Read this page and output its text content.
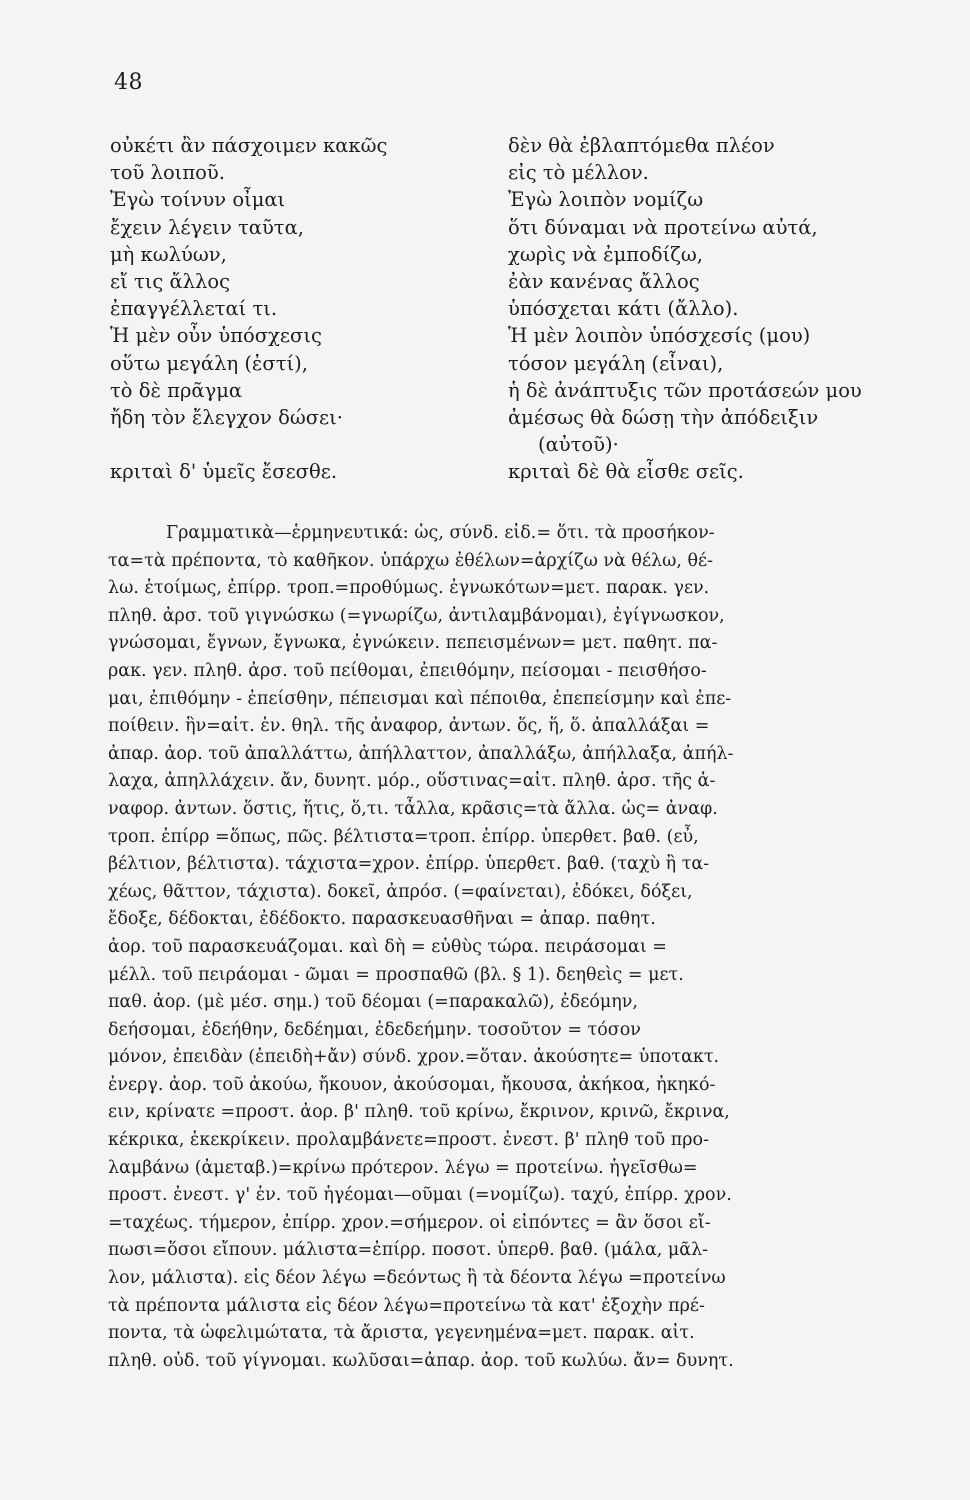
48
οὐκέτι ἂν πάσχοιμεν κακῶς
τοῦ λοιποῦ.
Ἐγὼ τοίνυν οἶμαι
ἔχειν λέγειν ταῦτα,
μὴ κωλύων,
εἴ τις ἄλλος
ἐπαγγέλλεταί τι.
Ἡ μὲν οὖν ὑπόσχεσις
οὕτω μεγάλη (ἐστί),
τὸ δὲ πρᾶγμα
ἤδη τὸν ἔλεγχον δώσει·
κριταὶ δ' ὑμεῖς ἔσεσθε.
δὲν θὰ ἐβλαπτόμεθα πλέον
εἰς τὸ μέλλον.
Ἐγὼ λοιπὸν νομίζω
ὅτι δύναμαι νὰ προτείνω αὐτά,
χωρὶς νὰ ἐμποδίζω,
ἐὰν κανένας ἄλλος
ὑπόσχεται κάτι (ἄλλο).
Ἡ μὲν λοιπὸν ὑπόσχεσίς (μου)
τόσον μεγάλη (εἶναι),
ἡ δὲ ἀνάπτυξις τῶν προτάσεών μου
ἀμέσως θὰ δώσῃ τὴν ἀπόδειξιν
(αὐτοῦ)·
κριταὶ δὲ θὰ εἶσθε σεῖς.
Γραμματικὰ—ἑρμηνευτικά: ὡς, σύνδ. εἰδ.= ὅτι. τὰ προσήκον-
τα=τὰ πρέποντα, τὸ καθῆκον. ὑπάρχω ἐθέλων=ἀρχίζω νὰ θέλω, θέ-
λω. ἑτοίμως, ἐπίρρ. τροπ.=προθύμως. ἐγνωκότων=μετ. παρακ. γεν.
πληθ. ἀρσ. τοῦ γιγνώσκω (=γνωρίζω, ἀντιλαμβάνομαι), ἐγίγνωσκον,
γνώσομαι, ἔγνων, ἔγνωκα, ἐγνώκειν. πεπεισμένων= μετ. παθητ. πα-
ρακ. γεν. πληθ. ἀρσ. τοῦ πείθομαι, ἐπειθόμην, πείσομαι - πεισθήσο-
μαι, ἐπιθόμην - ἐπείσθην, πέπεισμαι καὶ πέποιθα, ἐπεπείσμην καὶ ἐπε-
ποίθειν. ἣν=αἰτ. ἑν. θηλ. τῆς ἀναφορ, ἀντων. ὅς, ἥ, ὅ. ἀπαλλάξαι =
ἀπαρ. ἀορ. τοῦ ἀπαλλάττω, ἀπήλλαττον, ἀπαλλάξω, ἀπήλλαξα, ἀπήλ-
λαχα, ἀπηλλάχειν. ἄν, δυνητ. μόρ., οὕστινας=αἰτ. πληθ. ἀρσ. τῆς ἀ-
ναφορ. ἀντων. ὅστις, ἥτις, ὅ,τι. τἆλλα, κρᾶσις=τὰ ἄλλα. ὡς= ἀναφ.
τροπ. ἐπίρρ =ὅπως, πῶς. βέλτιστα=τροπ. ἐπίρρ. ὑπερθετ. βαθ. (εὖ,
βέλτιον, βέλτιστα). τάχιστα=χρον. ἐπίρρ. ὑπερθετ. βαθ. (ταχὺ ἢ τα-
χέως, θᾶττον, τάχιστα). δοκεῖ, ἀπρόσ. (=φαίνεται), ἐδόκει, δόξει,
ἔδοξε, δέδοκται, ἐδέδοκτο. παρασκευασθῆναι = ἀπαρ. παθητ.
ἀορ. τοῦ παρασκευάζομαι. καὶ δὴ = εὐθὺς τώρα. πειράσομαι =
μέλλ. τοῦ πειράομαι - ῶμαι = προσπαθῶ (βλ. § 1). δεηθεὶς = μετ.
παθ. ἀορ. (μὲ μέσ. σημ.) τοῦ δέομαι (=παρακαλῶ), ἐδεόμην,
δεήσομαι, ἐδεήθην, δεδέημαι, ἐδεδεήμην. τοσοῦτον = τόσον
μόνον, ἐπειδὰν (ἐπειδὴ+ἄν) σύνδ. χρον.=ὅταν. ἀκούσητε= ὑποτακτ.
ἐνεργ. ἀορ. τοῦ ἀκούω, ἤκουον, ἀκούσομαι, ἤκουσα, ἀκήκοα, ἠκηκό-
ειν, κρίνατε =προστ. ἀορ. β' πληθ. τοῦ κρίνω, ἔκρινον, κρινῶ, ἔκρινα,
κέκρικα, ἐκεκρίκειν. προλαμβάνετε=προστ. ἐνεστ. β' πληθ τοῦ προ-
λαμβάνω (ἀμεταβ.)=κρίνω πρότερον. λέγω = προτείνω. ἡγεῖσθω=
προστ. ἐνεστ. γ' ἑν. τοῦ ἡγέομαι—οῦμαι (=νομίζω). ταχύ, ἐπίρρ. χρον.
=ταχέως. τήμερον, ἐπίρρ. χρον.=σήμερον. οἱ εἰπόντες = ἂν ὅσοι εἴ-
πωσι=ὅσοι εἴπουν. μάλιστα=ἐπίρρ. ποσοτ. ὑπερθ. βαθ. (μάλα, μᾶλ-
λον, μάλιστα). εἰς δέον λέγω =δεόντως ἢ τὰ δέοντα λέγω =προτείνω
τὰ πρέποντα μάλιστα εἰς δέον λέγω=προτείνω τὰ κατ' ἐξοχὴν πρέ-
ποντα, τὰ ὠφελιμώτατα, τὰ ἄριστα, γεγενημένα=μετ. παρακ. αἰτ.
πληθ. οὐδ. τοῦ γίγνομαι. κωλῦσαι=ἀπαρ. ἀορ. τοῦ κωλύω. ἄν= δυνητ.
